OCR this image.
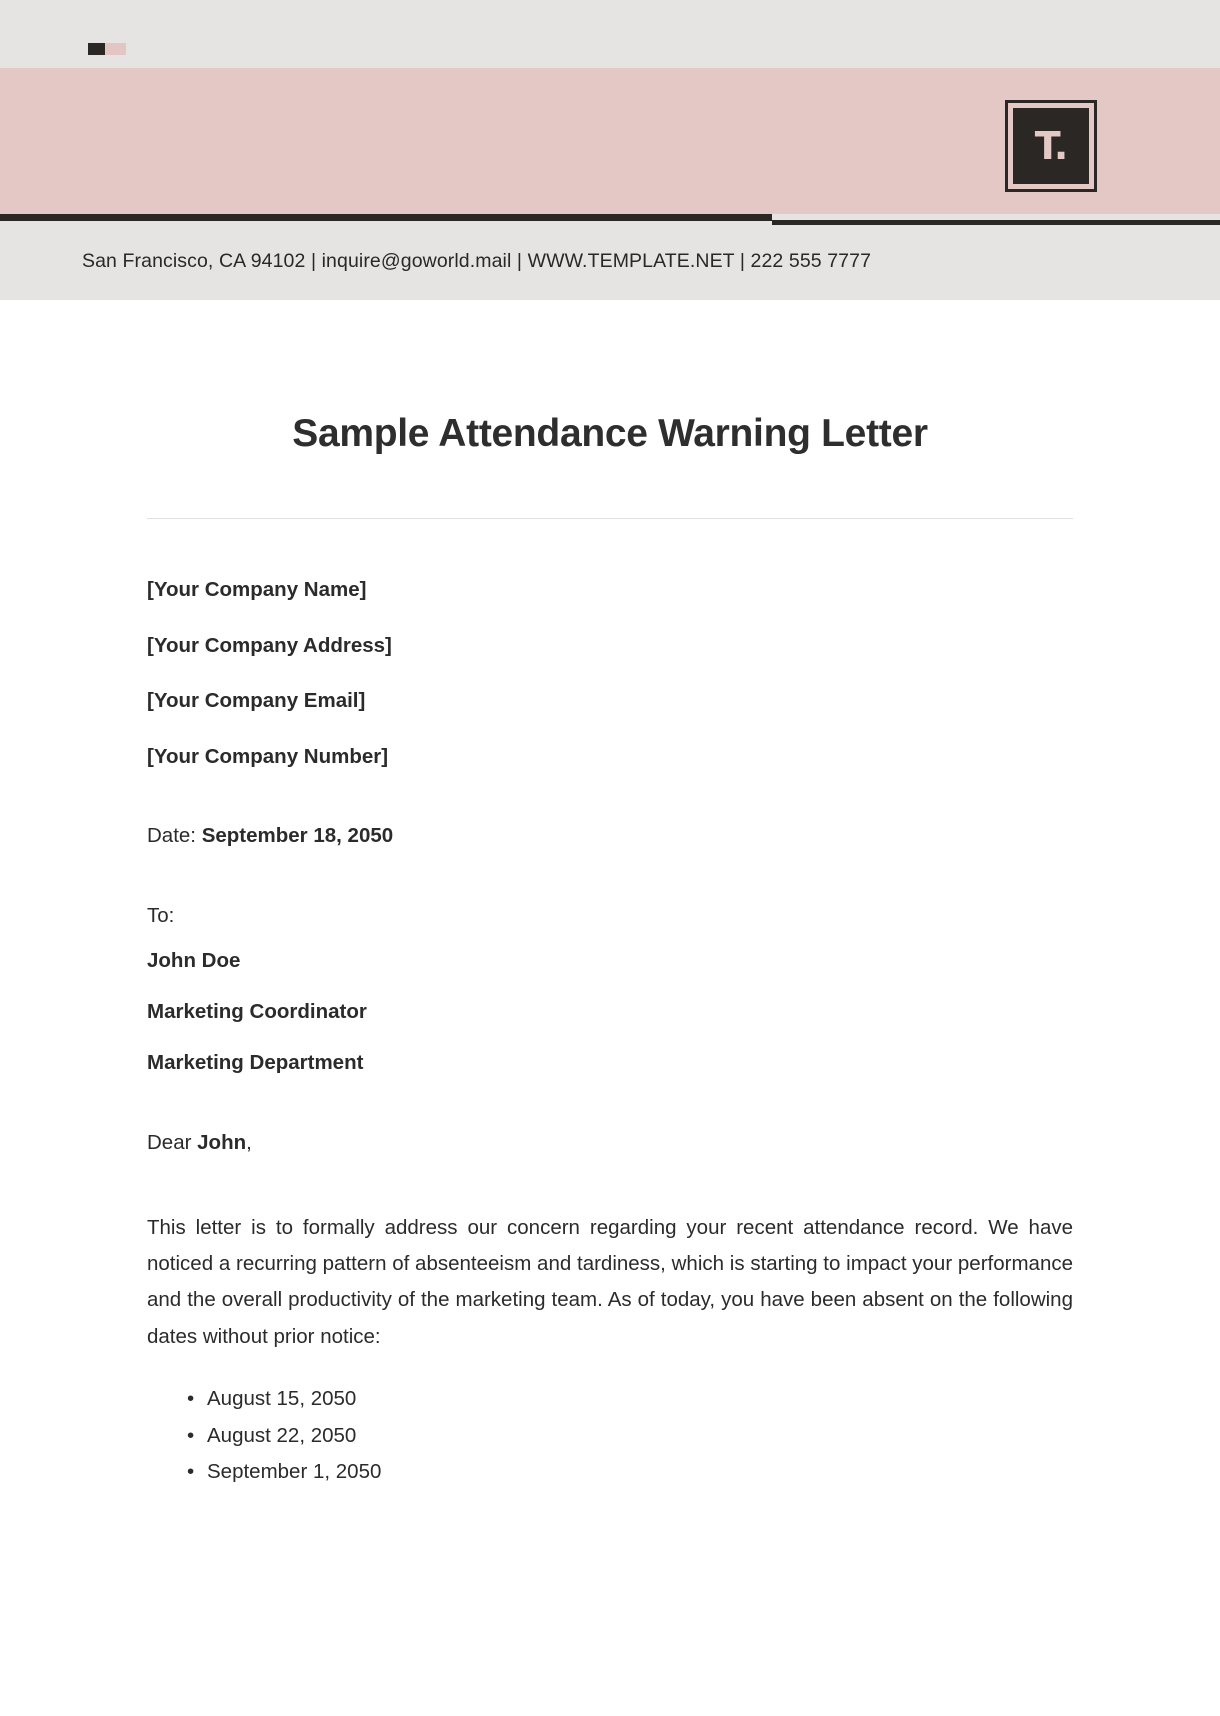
T.
San Francisco, CA 94102 | inquire@goworld.mail | WWW.TEMPLATE.NET | 222 555 7777
Sample Attendance Warning Letter
[Your Company Name]
[Your Company Address]
[Your Company Email]
[Your Company Number]
Date: September 18, 2050
To:
John Doe
Marketing Coordinator
Marketing Department
Dear John,

This letter is to formally address our concern regarding your recent attendance record. We have noticed a recurring pattern of absenteeism and tardiness, which is starting to impact your performance and the overall productivity of the marketing team. As of today, you have been absent on the following dates without prior notice:

• August 15, 2050
• August 22, 2050
• September 1, 2050
